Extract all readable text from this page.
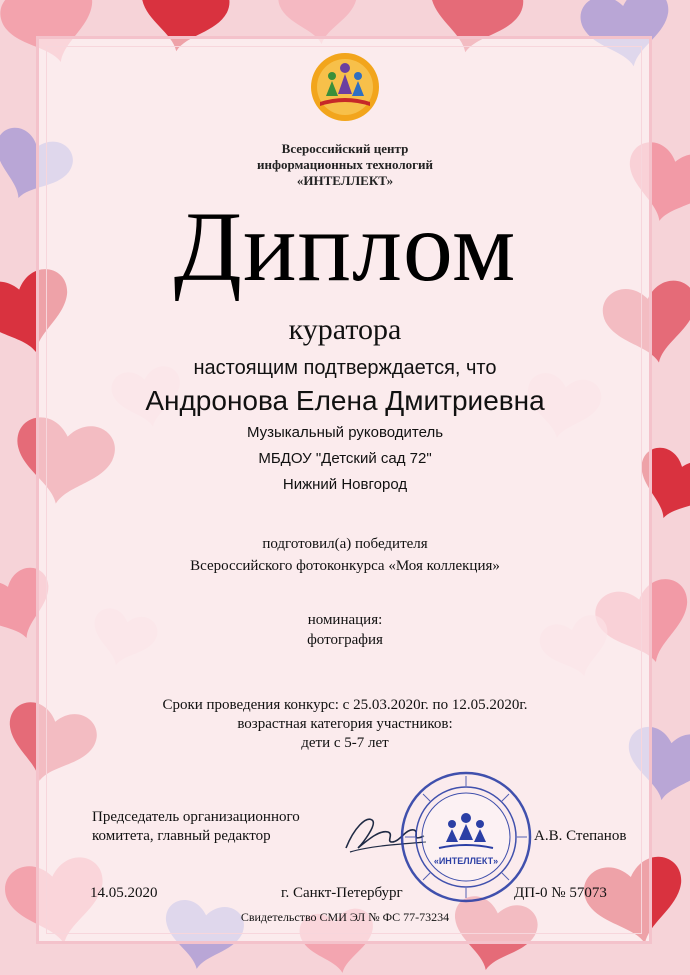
Всероссийский центр
информационных технологий
«ИНТЕЛЛЕКТ»
Диплом
куратора
настоящим подтверждается, что
Андронова Елена Дмитриевна
Музыкальный руководитель
МБДОУ "Детский сад 72"
Нижний Новгород
подготовил(а) победителя
Всероссийского фотоконкурса «Моя коллекция»
номинация:
фотография
Сроки проведения конкурс: с 25.03.2020г. по 12.05.2020г.
возрастная категория участников:
дети с 5-7 лет
Председатель организационного
комитета, главный редактор
«ИНТЕЛЛЕКТ»
А.В. Степанов
14.05.2020	г. Санкт-Петербург	ДП-0 № 57073
Свидетельство СМИ ЭЛ № ФС 77-73234
